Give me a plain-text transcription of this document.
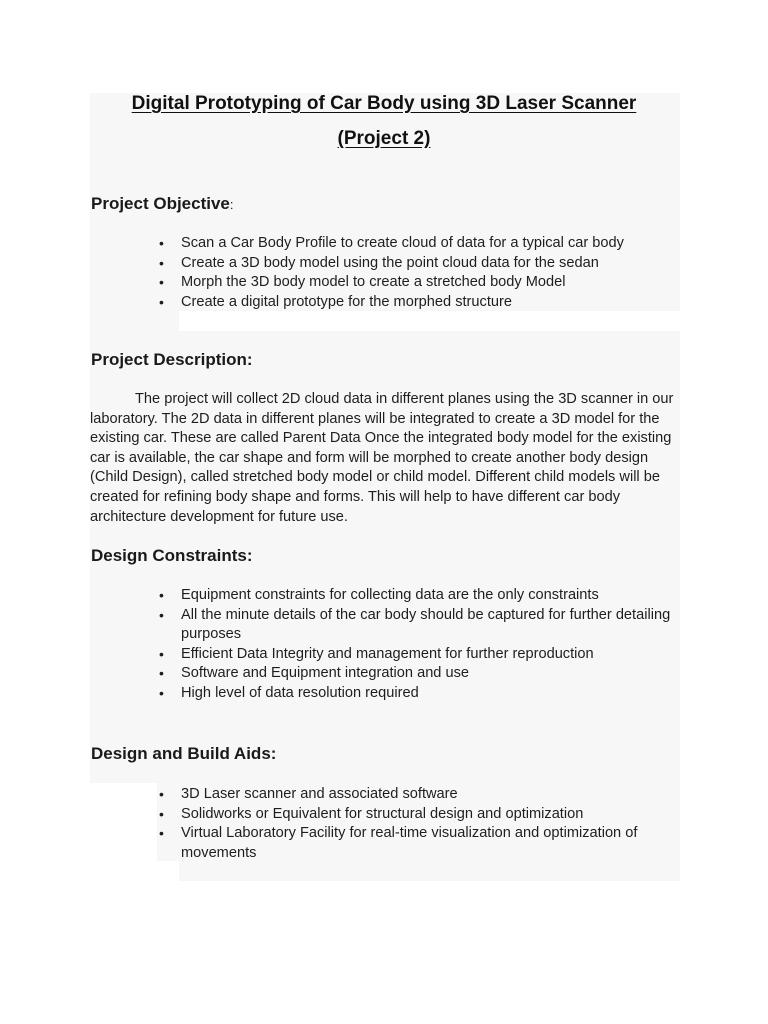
Digital Prototyping of Car Body using 3D Laser Scanner
(Project 2)
Project Objective:
• Scan a Car Body Profile to create cloud of data for a typical car body
• Create a 3D body model using the point cloud data for the sedan
• Morph the 3D body model to create a stretched body Model
• Create a digital prototype for the morphed structure
Project Description:

The project will collect 2D cloud data in different planes using the 3D scanner in our laboratory. The 2D data in different planes will be integrated to create a 3D model for the existing car. These are called Parent Data Once the integrated body model for the existing car is available, the car shape and form will be morphed to create another body design (Child Design), called stretched body model or child model. Different child models will be created for refining body shape and forms. This will help to have different car body architecture development for future use.

Design Constraints:
• Equipment constraints for collecting data are the only constraints
• All the minute details of the car body should be captured for further detailing purposes
• Efficient Data Integrity and management for further reproduction
• Software and Equipment integration and use
• High level of data resolution required
Design and Build Aids:
• 3D Laser scanner and associated software
• Solidworks or Equivalent for structural design and optimization
• Virtual Laboratory Facility for real-time visualization and optimization of movements
